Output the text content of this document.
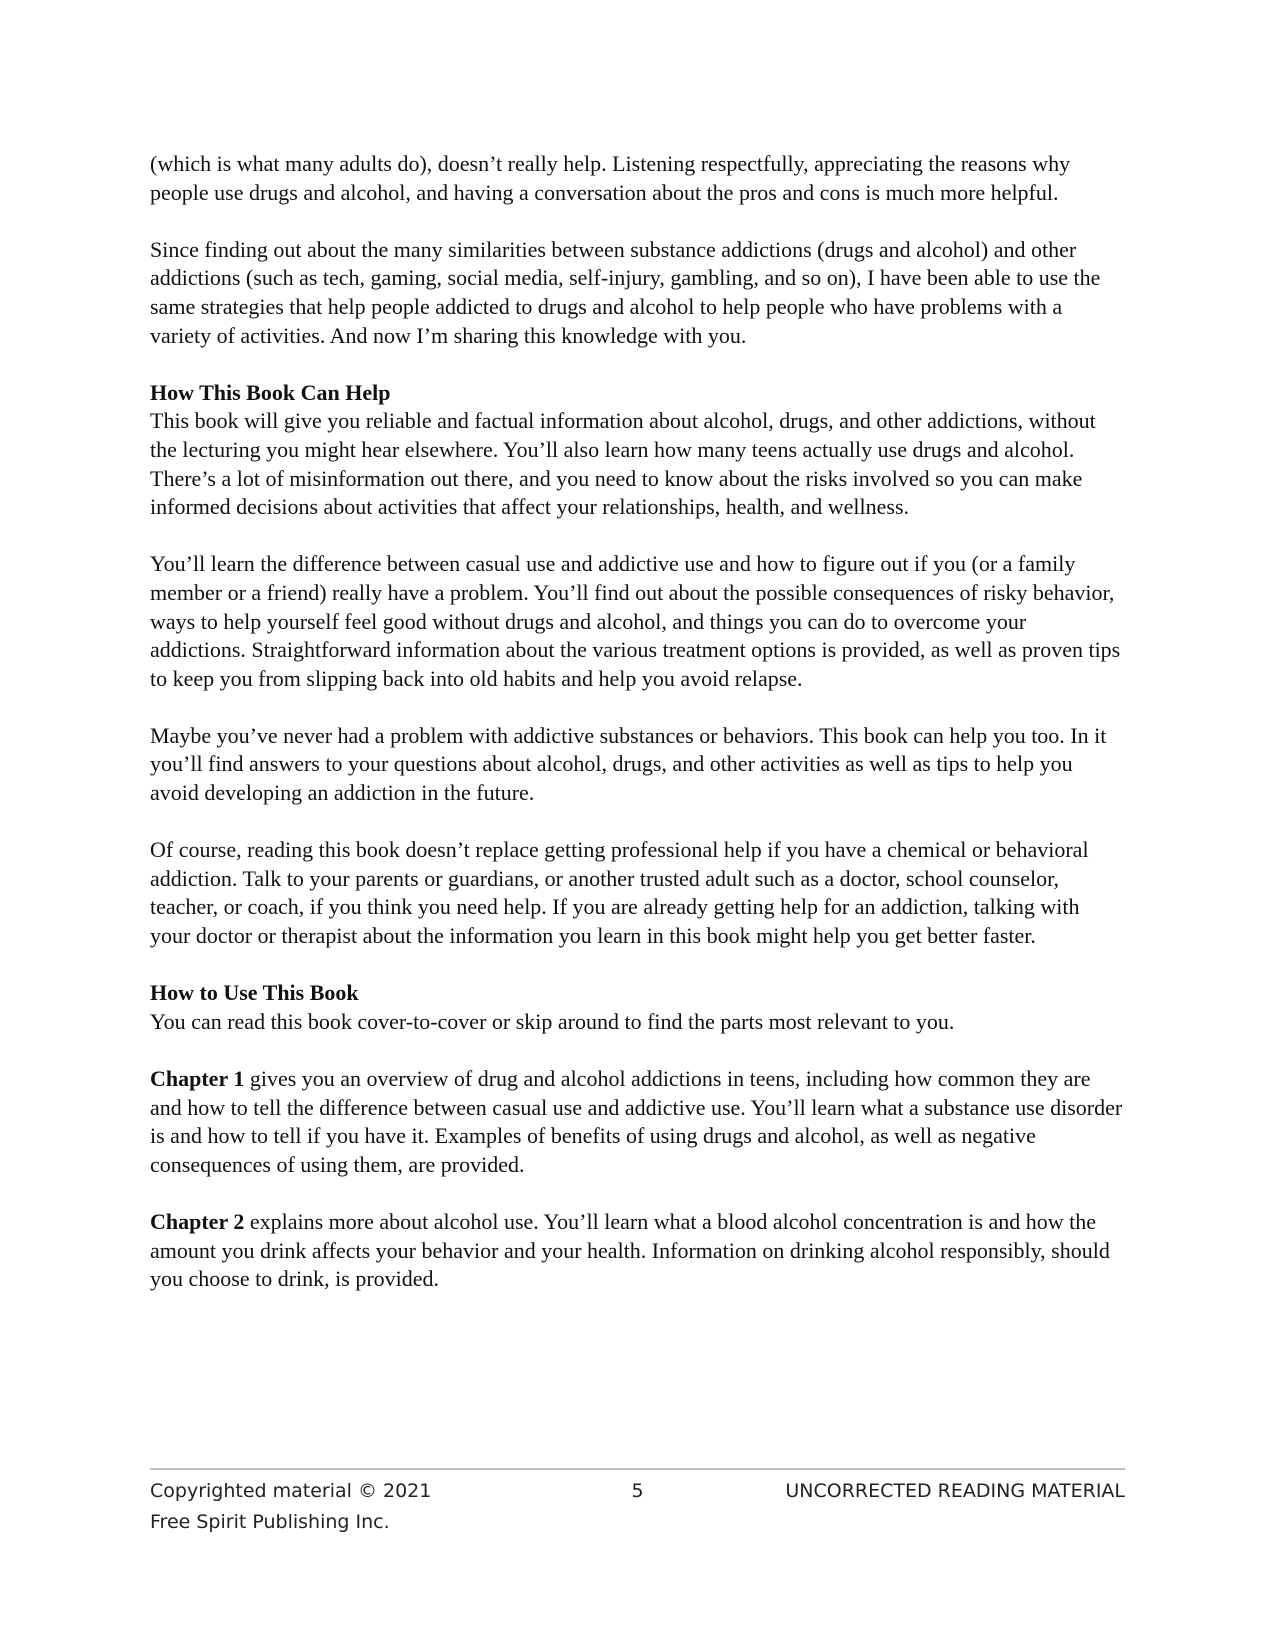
(which is what many adults do), doesn’t really help. Listening respectfully, appreciating the reasons why people use drugs and alcohol, and having a conversation about the pros and cons is much more helpful.

Since finding out about the many similarities between substance addictions (drugs and alcohol) and other addictions (such as tech, gaming, social media, self-injury, gambling, and so on), I have been able to use the same strategies that help people addicted to drugs and alcohol to help people who have problems with a variety of activities. And now I’m sharing this knowledge with you.

How This Book Can Help

This book will give you reliable and factual information about alcohol, drugs, and other addictions, without the lecturing you might hear elsewhere. You’ll also learn how many teens actually use drugs and alcohol. There’s a lot of misinformation out there, and you need to know about the risks involved so you can make informed decisions about activities that affect your relationships, health, and wellness.

You’ll learn the difference between casual use and addictive use and how to figure out if you (or a family member or a friend) really have a problem. You’ll find out about the possible consequences of risky behavior, ways to help yourself feel good without drugs and alcohol, and things you can do to overcome your addictions. Straightforward information about the various treatment options is provided, as well as proven tips to keep you from slipping back into old habits and help you avoid relapse.

Maybe you’ve never had a problem with addictive substances or behaviors. This book can help you too. In it you’ll find answers to your questions about alcohol, drugs, and other activities as well as tips to help you avoid developing an addiction in the future.

Of course, reading this book doesn’t replace getting professional help if you have a chemical or behavioral addiction. Talk to your parents or guardians, or another trusted adult such as a doctor, school counselor, teacher, or coach, if you think you need help. If you are already getting help for an addiction, talking with your doctor or therapist about the information you learn in this book might help you get better faster.

How to Use This Book

You can read this book cover-to-cover or skip around to find the parts most relevant to you.

Chapter 1 gives you an overview of drug and alcohol addictions in teens, including how common they are and how to tell the difference between casual use and addictive use. You’ll learn what a substance use disorder is and how to tell if you have it. Examples of benefits of using drugs and alcohol, as well as negative consequences of using them, are provided.

Chapter 2 explains more about alcohol use. You’ll learn what a blood alcohol concentration is and how the amount you drink affects your behavior and your health. Information on drinking alcohol responsibly, should you choose to drink, is provided.

Copyrighted material © 2021
Free Spirit Publishing Inc.
5	UNCORRECTED READING MATERIAL
